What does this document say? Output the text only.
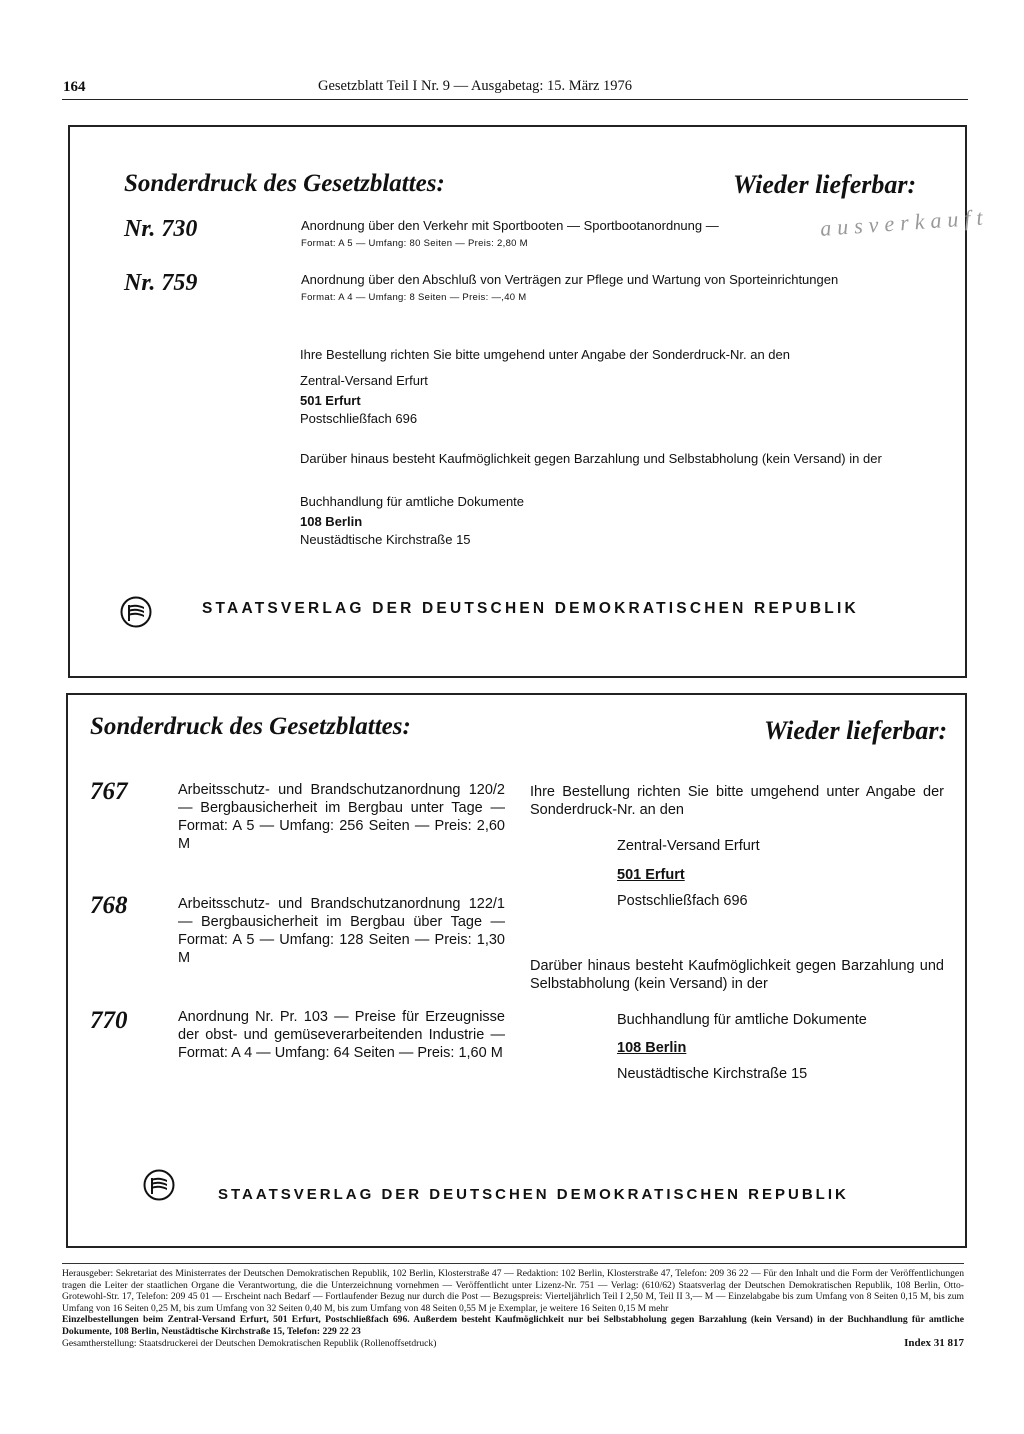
164	Gesetzblatt Teil I Nr. 9 — Ausgabetag: 15. März 1976
Sonderdruck des Gesetzblattes:	Wieder lieferbar:
Nr. 730	Anordnung über den Verkehr mit Sportbooten — Sportbootanordnung —
Format: A 5 — Umfang: 80 Seiten — Preis: 2,80 M
Nr. 759	Anordnung über den Abschluß von Verträgen zur Pflege und Wartung von Sporteinrichtungen
Format: A 4 — Umfang: 8 Seiten — Preis: —,40 M
ausverkauft
Ihre Bestellung richten Sie bitte umgehend unter Angabe der Sonderdruck-Nr. an den
Zentral-Versand Erfurt
501 Erfurt
Postschließfach 696
Darüber hinaus besteht Kaufmöglichkeit gegen Barzahlung und Selbstabholung (kein Versand) in der
Buchhandlung für amtliche Dokumente
108 Berlin
Neustädtische Kirchstraße 15
STAATSVERLAG DER DEUTSCHEN DEMOKRATISCHEN REPUBLIK
Sonderdruck des Gesetzblattes:	Wieder lieferbar:
767	Arbeitsschutz- und Brandschutzanordnung 120/2 — Bergbausicherheit im Bergbau unter Tage — Format: A 5 — Umfang: 256 Seiten — Preis: 2,60 M
768	Arbeitsschutz- und Brandschutzanordnung 122/1 — Bergbausicherheit im Bergbau über Tage — Format: A 5 — Umfang: 128 Seiten — Preis: 1,30 M
770	Anordnung Nr. Pr. 103 — Preise für Erzeugnisse der obst- und gemüseverarbeitenden Industrie — Format: A 4 — Umfang: 64 Seiten — Preis: 1,60 M
Ihre Bestellung richten Sie bitte umgehend unter Angabe der Sonderdruck-Nr. an den
Zentral-Versand Erfurt
501 Erfurt
Postschließfach 696
Darüber hinaus besteht Kaufmöglichkeit gegen Barzahlung und Selbstabholung (kein Versand) in der
Buchhandlung für amtliche Dokumente
108 Berlin
Neustädtische Kirchstraße 15
STAATSVERLAG DER DEUTSCHEN DEMOKRATISCHEN REPUBLIK
Herausgeber: Sekretariat des Ministerrates der Deutschen Demokratischen Republik, 102 Berlin, Klosterstraße 47 — Redaktion: 102 Berlin, Klosterstraße 47, Telefon: 209 36 22 — Für den Inhalt und die Form der Veröffentlichungen tragen die Leiter der staatlichen Organe die Verantwortung, die die Unterzeichnung vornehmen — Veröffentlicht unter Lizenz-Nr. 751 — Verlag: (610/62) Staatsverlag der Deutschen Demokratischen Republik, 108 Berlin, Otto-Grotewohl-Str. 17, Telefon: 209 45 01 — Erscheint nach Bedarf — Fortlaufender Bezug nur durch die Post — Bezugspreis: Vierteljährlich Teil I 2,50 M, Teil II 3,— M — Einzelabgabe bis zum Umfang von 8 Seiten 0,15 M, bis zum Umfang von 16 Seiten 0,25 M, bis zum Umfang von 32 Seiten 0,40 M, bis zum Umfang von 48 Seiten 0,55 M je Exemplar, je weitere 16 Seiten 0,15 M mehr
Einzelbestellungen beim Zentral-Versand Erfurt, 501 Erfurt, Postschließfach 696. Außerdem besteht Kaufmöglichkeit nur bei Selbstabholung gegen Barzahlung (kein Versand) in der Buchhandlung für amtliche Dokumente, 108 Berlin, Neustädtische Kirchstraße 15, Telefon: 229 22 23
Gesamtherstellung: Staatsdruckerei der Deutschen Demokratischen Republik (Rollenoffsetdruck)	Index 31 817
